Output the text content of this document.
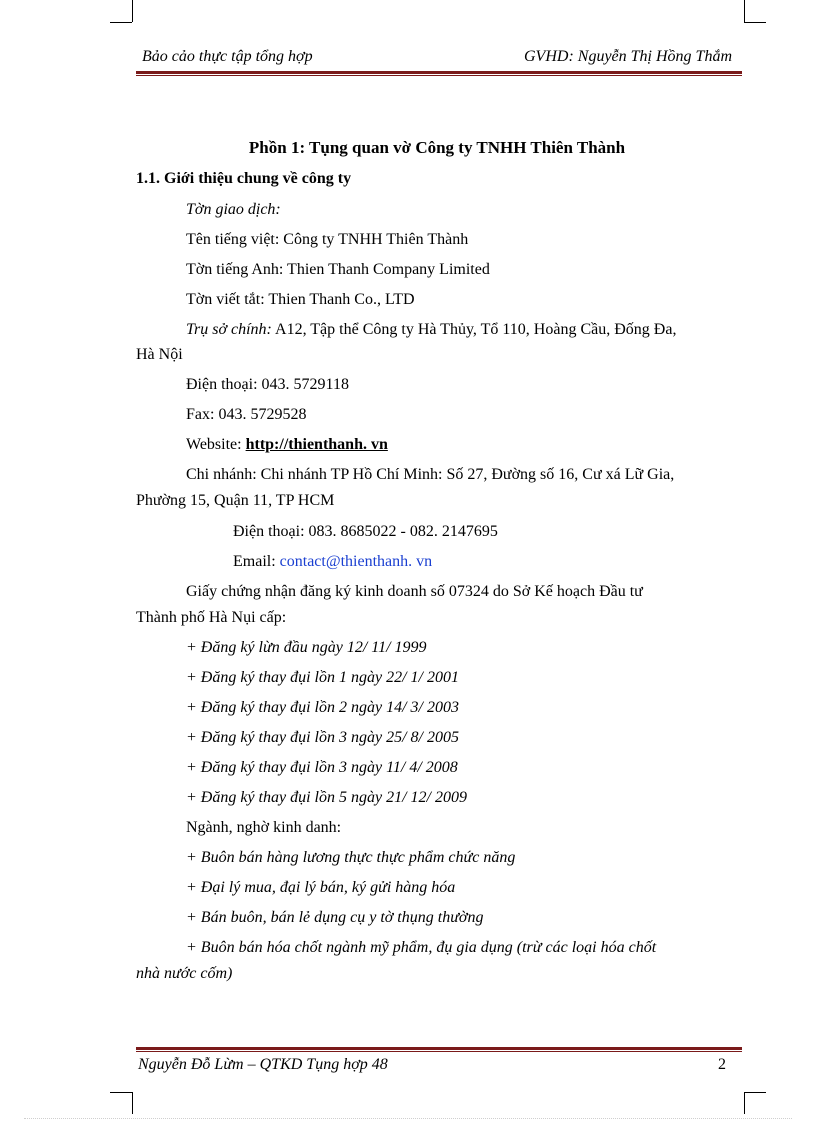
Bảo cảo thực tập tổng hợp	GVHD: Nguyễn Thị Hồng Thắm
Phồn 1: Tụng quan vờ Công ty TNHH Thiên Thành
1.1. Giới thiệu chung về công ty
Tờn giao dịch:
Tên tiếng việt: Công ty TNHH Thiên Thành
Tờn tiếng Anh: Thien Thanh Company Limited
Tờn viết tắt: Thien Thanh Co., LTD
Trụ sở chính: A12, Tập thể Công ty Hà Thủy, Tổ 110, Hoàng Cầu, Đống Đa,
Hà Nội
Điện thoại: 043. 5729118
Fax: 043. 5729528
Website: http://thienthanh. vn
Chi nhánh: Chi nhánh TP Hồ Chí Minh: Số 27, Đường số 16, Cư xá Lữ Gia,
Phường 15, Quận 11, TP HCM
Điện thoại: 083. 8685022 - 082. 2147695
Email: contact@thienthanh. vn
Giấy chứng nhận đăng ký kinh doanh số 07324 do Sở Kế hoạch Đầu tư
Thành phố Hà Nụi cấp:
+ Đăng ký lừn đầu ngày 12/ 11/ 1999
+ Đăng ký thay đụi lồn 1 ngày 22/ 1/ 2001
+ Đăng ký thay đụi lồn 2 ngày 14/ 3/ 2003
+ Đăng ký thay đụi lồn 3 ngày 25/ 8/ 2005
+ Đăng ký thay đụi lồn 3 ngày 11/ 4/ 2008
+ Đăng ký thay đụi lồn 5 ngày 21/ 12/ 2009
Ngành, nghờ kinh danh:
+ Buôn bán hàng lương thực thực phẩm chức năng
+ Đại lý mua, đại lý bán, ký gửi hàng hóa
+ Bán buôn, bán lẻ dụng cụ y tờ thụng thường
+ Buôn bán hóa chốt ngành mỹ phẩm, đụ gia dụng (trừ các loại hóa chốt
nhà nước cốm)
Nguyễn Đỗ Lừm – QTKD Tụng hợp 48	2
